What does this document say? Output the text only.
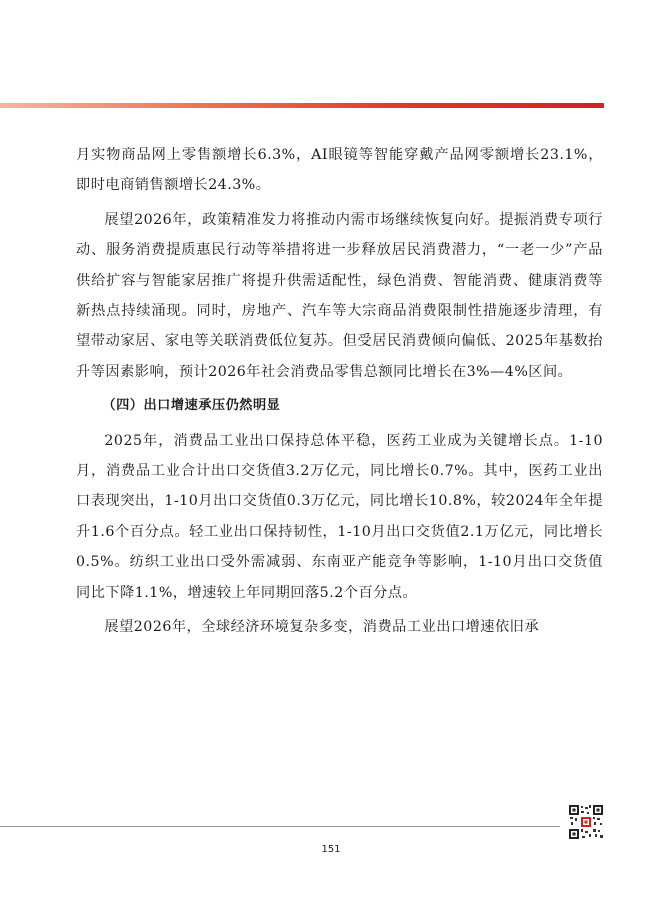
月实物商品网上零售额增长6.3%，AI眼镜等智能穿戴产品网零额增长23.1%，即时电商销售额增长24.3%。

展望2026年，政策精准发力将推动内需市场继续恢复向好。提振消费专项行动、服务消费提质惠民行动等举措将进一步释放居民消费潜力，“一老一少”产品供给扩容与智能家居推广将提升供需适配性，绿色消费、智能消费、健康消费等新热点持续涌现。同时，房地产、汽车等大宗商品消费限制性措施逐步清理，有望带动家居、家电等关联消费低位复苏。但受居民消费倾向偏低、2025年基数抬升等因素影响，预计2026年社会消费品零售总额同比增长在3%—4%区间。

（四）出口增速承压仍然明显

2025年，消费品工业出口保持总体平稳，医药工业成为关键增长点。1-10月，消费品工业合计出口交货值3.2万亿元，同比增长0.7%。其中，医药工业出口表现突出，1-10月出口交货值0.3万亿元，同比增长10.8%，较2024年全年提升1.6个百分点。轻工业出口保持韧性，1-10月出口交货值2.1万亿元，同比增长0.5%。纺织工业出口受外需减弱、东南亚产能竞争等影响，1-10月出口交货值同比下降1.1%，增速较上年同期回落5.2个百分点。

展望2026年，全球经济环境复杂多变，消费品工业出口增速依旧承

151
